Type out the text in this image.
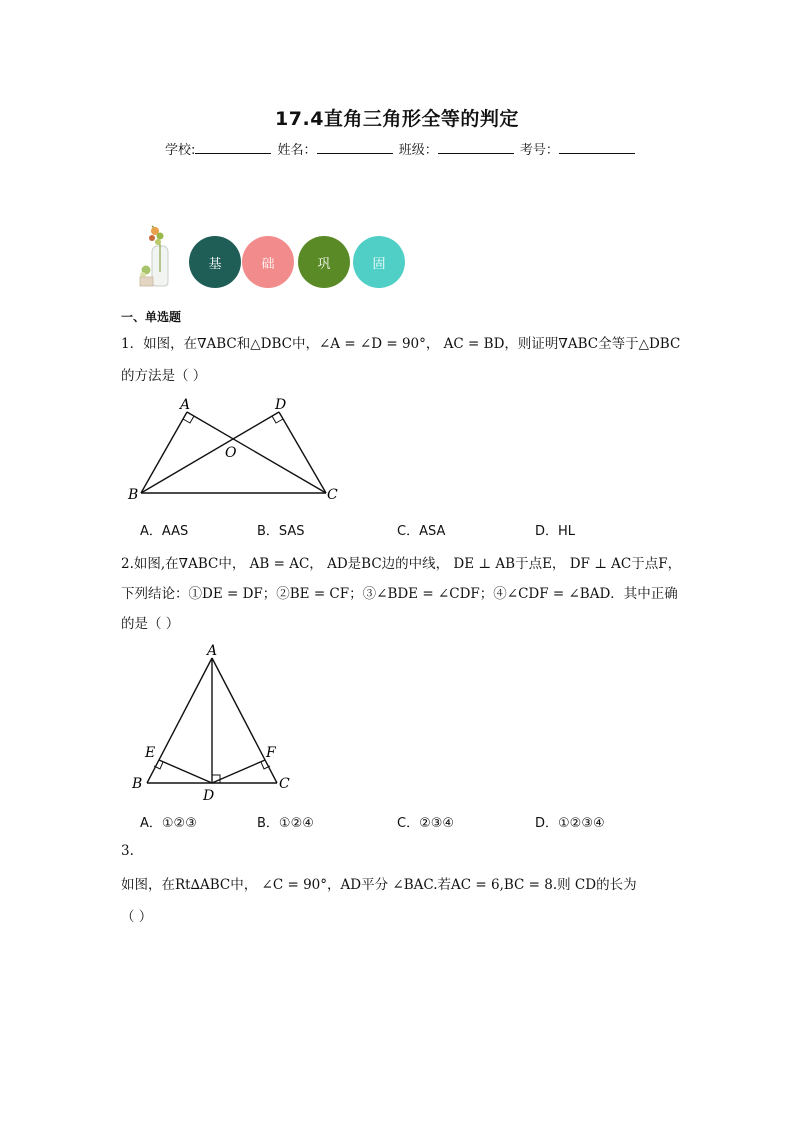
17.4直角三角形全等的判定
学校:	姓名：	班级：	考号：
基	础	巩	固
一、单选题
1．如图，在∇ABC和△DBC中，∠A = ∠D = 90°， AC = BD，则证明∇ABC全等于△DBC
的方法是（ ）
A	D
O
B	C
A．AAS	B．SAS	C．ASA	D．HL
2.如图,在∇ABC中， AB = AC， AD是BC边的中线， DE ⊥ AB于点E， DF ⊥ AC于点F，
下列结论：①DE = DF；②BE = CF；③∠BDE = ∠CDF；④∠CDF = ∠BAD．其中正确
的是（ ）
A
E	F
B
D
C
A．①②③	B．①②④	C．②③④	D．①②③④
3.
如图，在Rt∆ABC中， ∠C = 90°，AD平分 ∠BAC.若AC = 6,BC = 8.则 CD的长为
（ ）
